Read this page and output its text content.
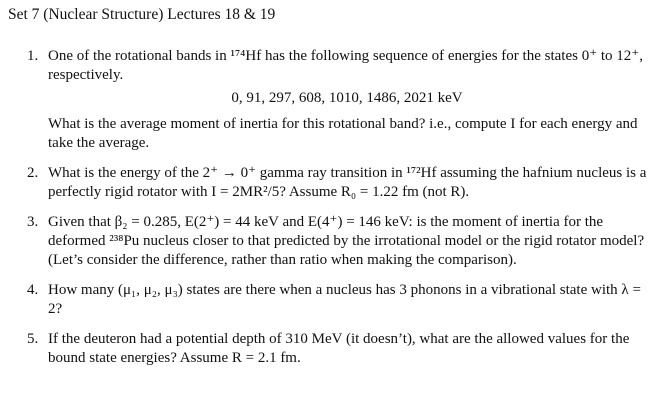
Set 7 (Nuclear Structure) Lectures 18 & 19
1. One of the rotational bands in ¹⁷⁴Hf has the following sequence of energies for the states 0⁺ to 12⁺, respectively.

0, 91, 297, 608, 1010, 1486, 2021 keV

What is the average moment of inertia for this rotational band? i.e., compute I for each energy and take the average.

2. What is the energy of the 2⁺ → 0⁺ gamma ray transition in ¹⁷²Hf assuming the hafnium nucleus is a perfectly rigid rotator with I = 2MR²/5? Assume R₀ = 1.22 fm (not R).

3. Given that β₂ = 0.285, E(2⁺) = 44 keV and E(4⁺) = 146 keV: is the moment of inertia for the deformed ²³⁸Pu nucleus closer to that predicted by the irrotational model or the rigid rotator model? (Let’s consider the difference, rather than ratio when making the comparison).

4. How many (μ₁, μ₂, μ₃) states are there when a nucleus has 3 phonons in a vibrational state with λ = 2?

5. If the deuteron had a potential depth of 310 MeV (it doesn’t), what are the allowed values for the bound state energies? Assume R = 2.1 fm.
